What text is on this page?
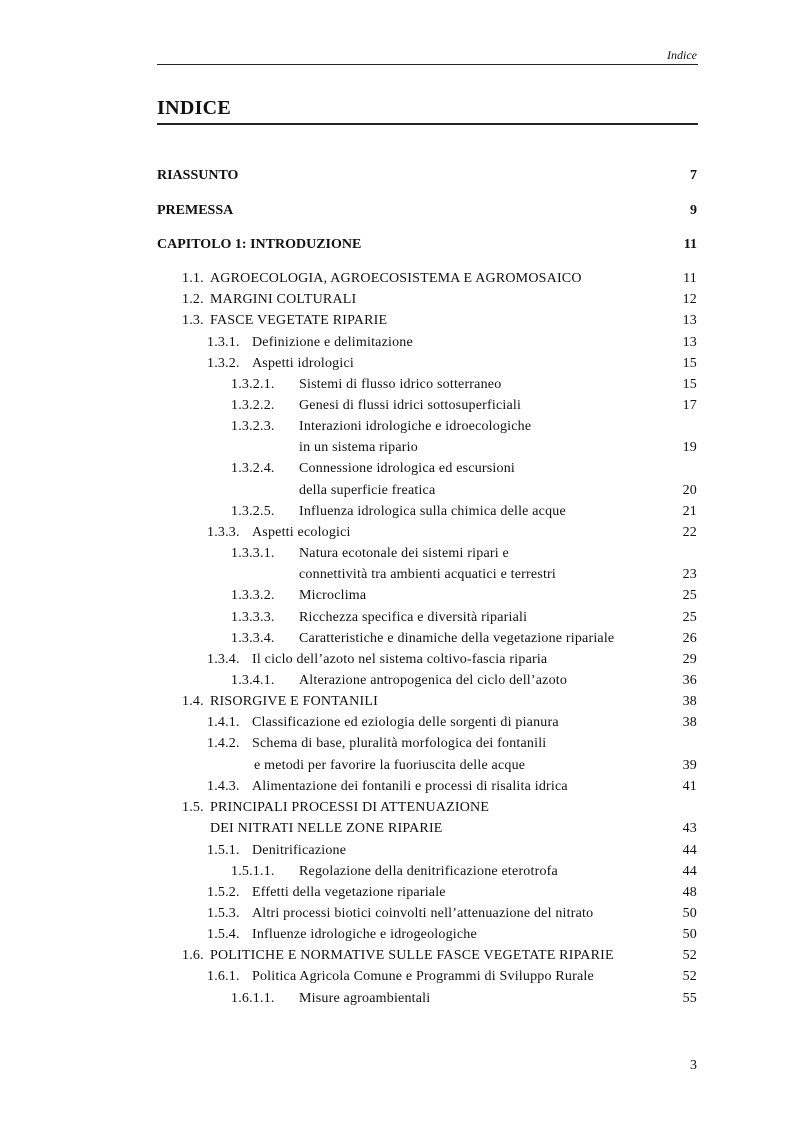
Indice
INDICE
RIASSUNTO	7
PREMESSA	9
CAPITOLO 1: INTRODUZIONE	11
1.1. AGROECOLOGIA, AGROECOSISTEMA E AGROMOSAICO	11
1.2. MARGINI COLTURALI	12
1.3. FASCE VEGETATE RIPARIE	13
1.3.1. Definizione e delimitazione	13
1.3.2. Aspetti idrologici	15
1.3.2.1. Sistemi di flusso idrico sotterraneo	15
1.3.2.2. Genesi di flussi idrici sottosuperficiali	17
1.3.2.3. Interazioni idrologiche e idroecologiche
in un sistema ripario	19
1.3.2.4. Connessione idrologica ed escursioni
della superficie freatica	20
1.3.2.5. Influenza idrologica sulla chimica delle acque	21
1.3.3. Aspetti ecologici	22
1.3.3.1. Natura ecotonale dei sistemi ripari e
connettività tra ambienti acquatici e terrestri	23
1.3.3.2. Microclima	25
1.3.3.3. Ricchezza specifica e diversità ripariali	25
1.3.3.4. Caratteristiche e dinamiche della vegetazione ripariale	26
1.3.4. Il ciclo dell’azoto nel sistema coltivo-fascia riparia	29
1.3.4.1. Alterazione antropogenica del ciclo dell’azoto	36
1.4. RISORGIVE E FONTANILI	38
1.4.1. Classificazione ed eziologia delle sorgenti di pianura	38
1.4.2. Schema di base, pluralità morfologica dei fontanili
e metodi per favorire la fuoriuscita delle acque	39
1.4.3. Alimentazione dei fontanili e processi di risalita idrica	41
1.5. PRINCIPALI PROCESSI DI ATTENUAZIONE
DEI NITRATI NELLE ZONE RIPARIE	43
1.5.1. Denitrificazione	44
1.5.1.1. Regolazione della denitrificazione eterotrofa	44
1.5.2. Effetti della vegetazione ripariale	48
1.5.3. Altri processi biotici coinvolti nell’attenuazione del nitrato	50
1.5.4. Influenze idrologiche e idrogeologiche	50
1.6. POLITICHE E NORMATIVE SULLE FASCE VEGETATE RIPARIE	52
1.6.1. Politica Agricola Comune e Programmi di Sviluppo Rurale	52
1.6.1.1. Misure agroambientali	55
3
